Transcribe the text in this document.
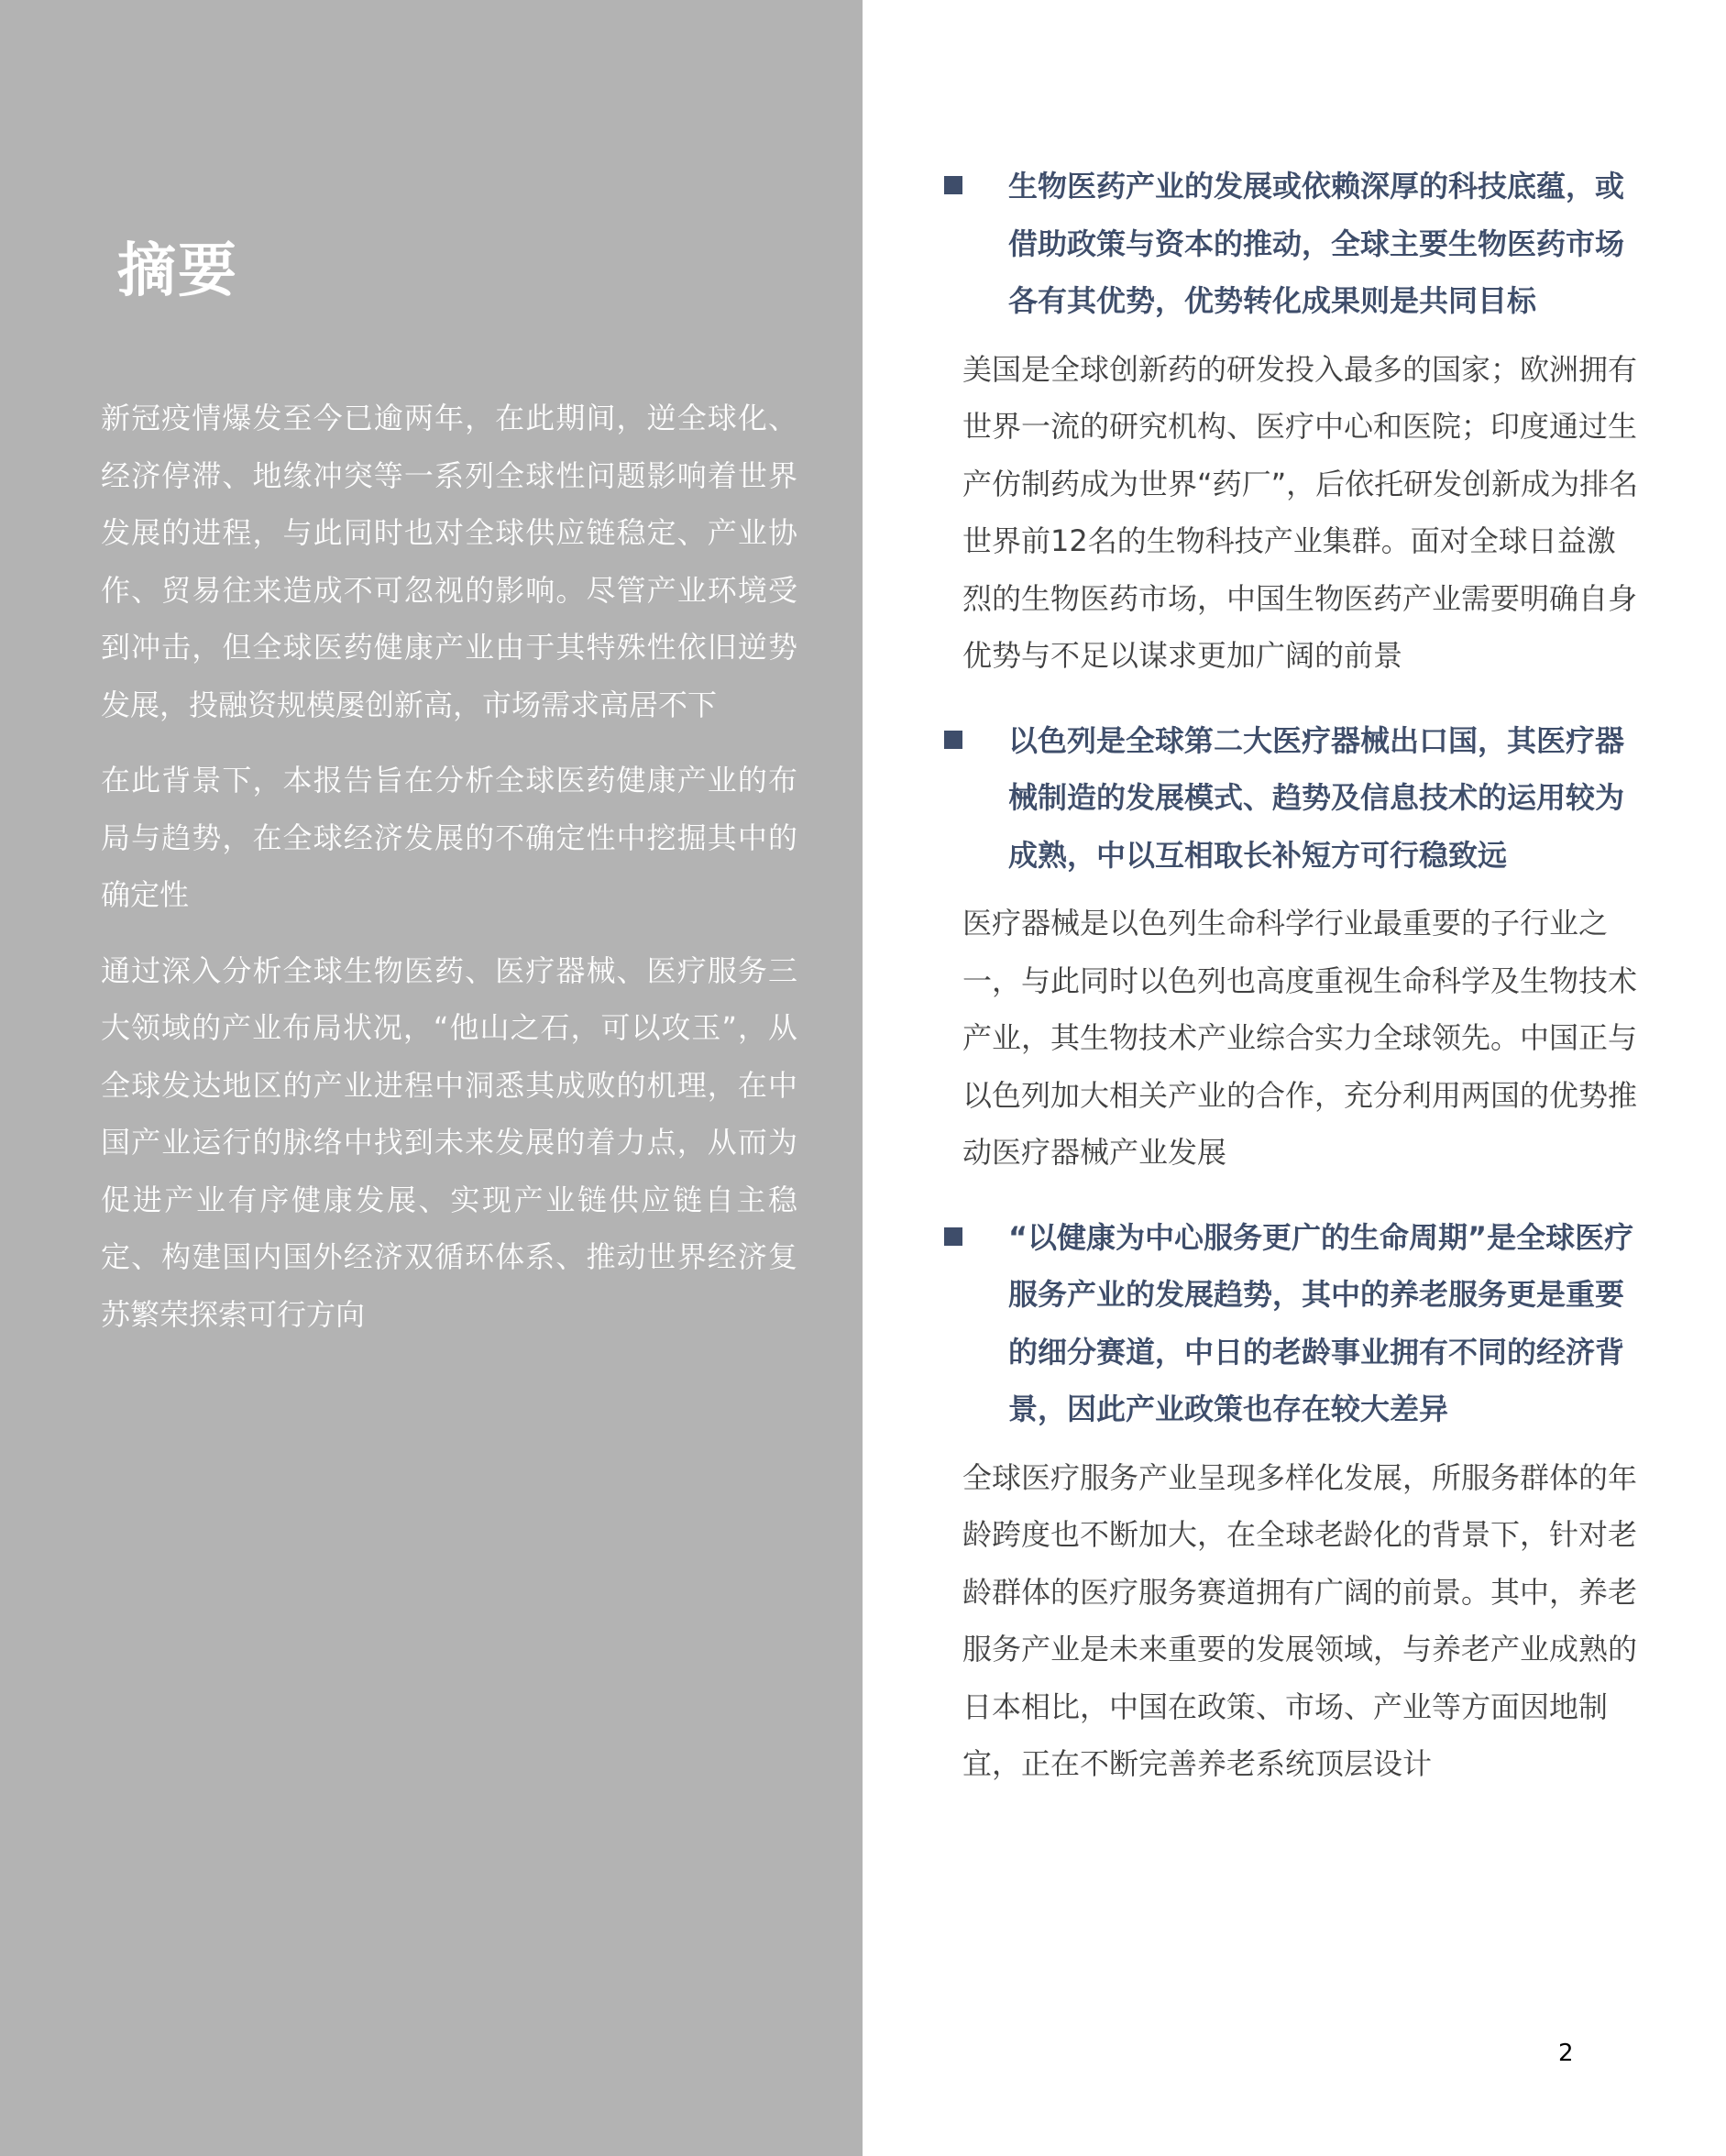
摘要

新冠疫情爆发至今已逾两年，在此期间，逆全球化、经济停滞、地缘冲突等一系列全球性问题影响着世界发展的进程，与此同时也对全球供应链稳定、产业协作、贸易往来造成不可忽视的影响。尽管产业环境受到冲击，但全球医药健康产业由于其特殊性依旧逆势发展，投融资规模屡创新高，市场需求高居不下

在此背景下，本报告旨在分析全球医药健康产业的布局与趋势，在全球经济发展的不确定性中挖掘其中的确定性

通过深入分析全球生物医药、医疗器械、医疗服务三大领域的产业布局状况，“他山之石，可以攻玉”，从全球发达地区的产业进程中洞悉其成败的机理，在中国产业运行的脉络中找到未来发展的着力点，从而为促进产业有序健康发展、实现产业链供应链自主稳定、构建国内国外经济双循环体系、推动世界经济复苏繁荣探索可行方向

生物医药产业的发展或依赖深厚的科技底蕴，或借助政策与资本的推动，全球主要生物医药市场各有其优势，优势转化成果则是共同目标
美国是全球创新药的研发投入最多的国家；欧洲拥有世界一流的研究机构、医疗中心和医院；印度通过生产仿制药成为世界“药厂”，后依托研发创新成为排名世界前12名的生物科技产业集群。面对全球日益激烈的生物医药市场，中国生物医药产业需要明确自身优势与不足以谋求更加广阔的前景
以色列是全球第二大医疗器械出口国，其医疗器械制造的发展模式、趋势及信息技术的运用较为成熟，中以互相取长补短方可行稳致远
医疗器械是以色列生命科学行业最重要的子行业之一，与此同时以色列也高度重视生命科学及生物技术产业，其生物技术产业综合实力全球领先。中国正与以色列加大相关产业的合作，充分利用两国的优势推动医疗器械产业发展
“以健康为中心服务更广的生命周期”是全球医疗服务产业的发展趋势，其中的养老服务更是重要的细分赛道，中日的老龄事业拥有不同的经济背景，因此产业政策也存在较大差异
全球医疗服务产业呈现多样化发展，所服务群体的年龄跨度也不断加大，在全球老龄化的背景下，针对老龄群体的医疗服务赛道拥有广阔的前景。其中，养老服务产业是未来重要的发展领域，与养老产业成熟的日本相比，中国在政策、市场、产业等方面因地制宜，正在不断完善养老系统顶层设计
2
